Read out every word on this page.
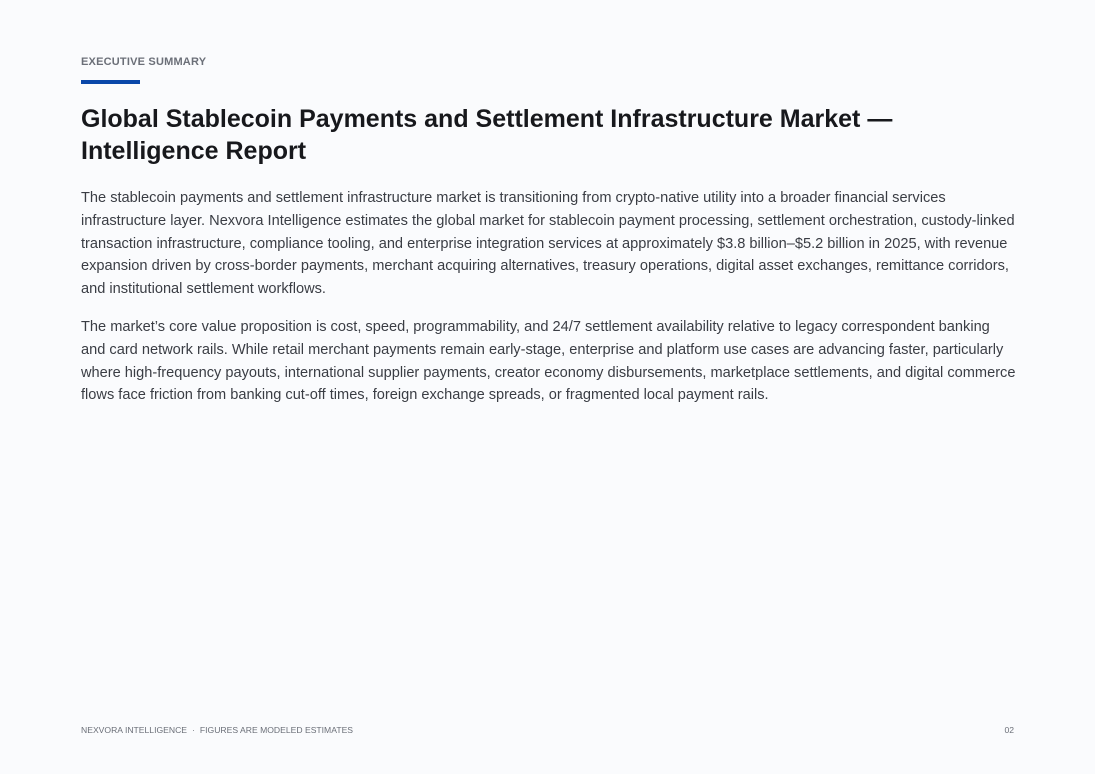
EXECUTIVE SUMMARY
Global Stablecoin Payments and Settlement Infrastructure Market — Intelligence Report

The stablecoin payments and settlement infrastructure market is transitioning from crypto-native utility into a broader financial services infrastructure layer. Nexvora Intelligence estimates the global market for stablecoin payment processing, settlement orchestration, custody-linked transaction infrastructure, compliance tooling, and enterprise integration services at approximately $3.8 billion–$5.2 billion in 2025, with revenue expansion driven by cross-border payments, merchant acquiring alternatives, treasury operations, digital asset exchanges, remittance corridors, and institutional settlement workflows.

The market’s core value proposition is cost, speed, programmability, and 24/7 settlement availability relative to legacy correspondent banking and card network rails. While retail merchant payments remain early-stage, enterprise and platform use cases are advancing faster, particularly where high-frequency payouts, international supplier payments, creator economy disbursements, marketplace settlements, and digital commerce flows face friction from banking cut-off times, foreign exchange spreads, or fragmented local payment rails.

NEXVORA INTELLIGENCE · FIGURES ARE MODELED ESTIMATES	02
